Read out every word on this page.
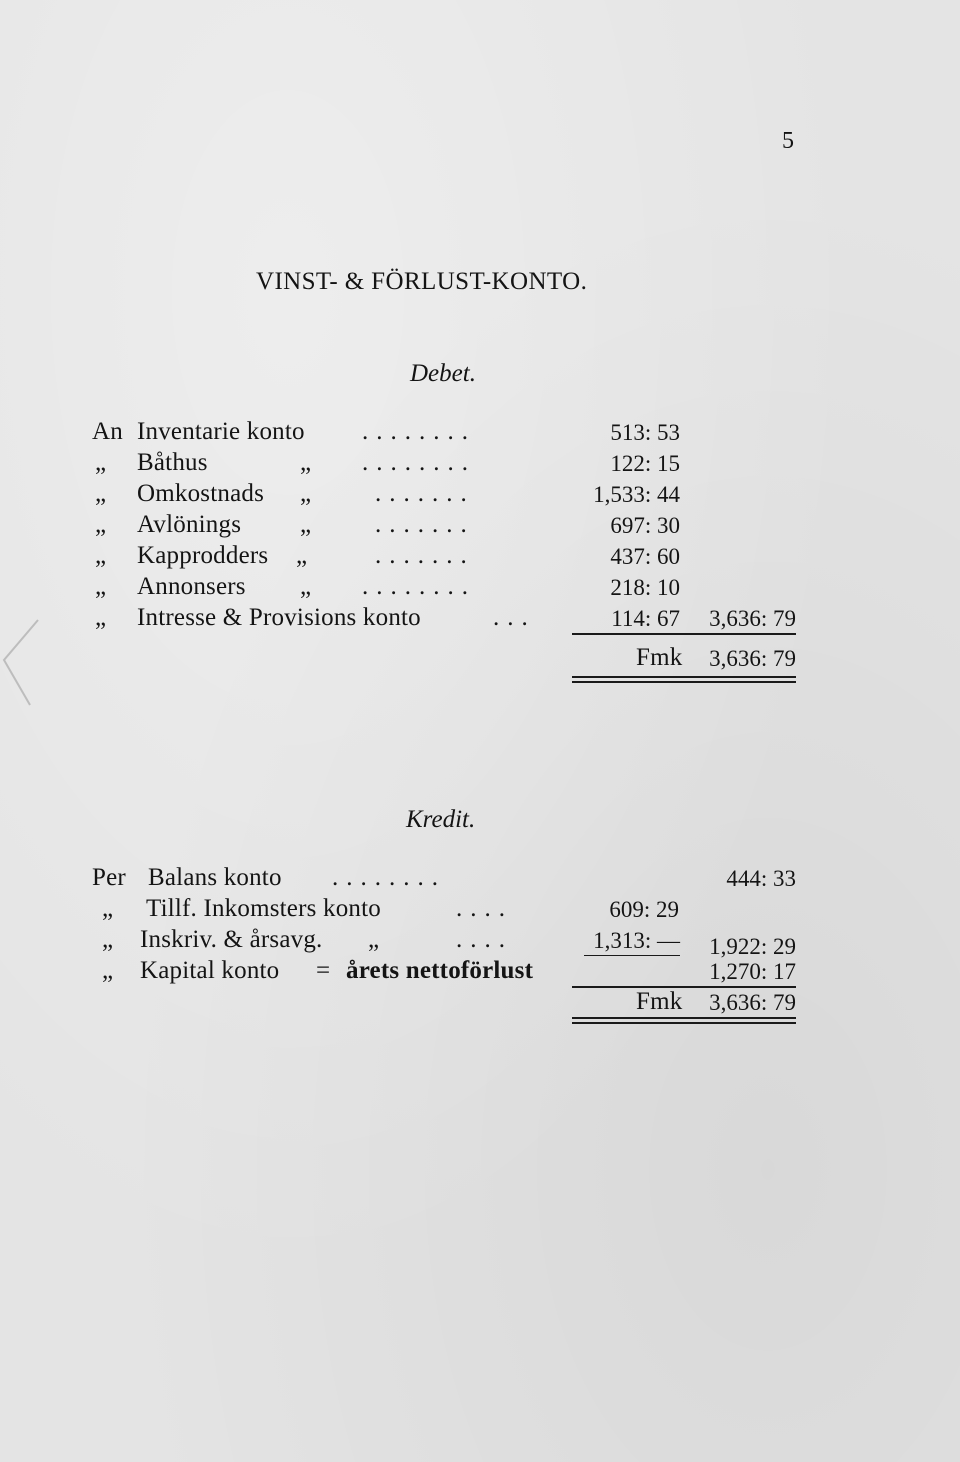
5
VINST- & FÖRLUST-KONTO.
Debet.
An Inventarie konto ........	513: 53
„ Båthus	„ ........	122: 15
„ Omkostnads „	.......	1,533: 44
„ Avlönings „	.......	697: 30
„ Kapprodders „	.......	437: 60
„ Annonsers „ ........	218: 10
„ Intresse & Provisions konto	...	114: 67 3,636: 79
Fmk 3,636: 79
Kredit.
Per Balans konto ........	444: 33
„ Tillf. Inkomsters konto	....	609: 29
„ Inskriv. & årsavg. „	....	1,313: — 1,922: 29
„ Kapital konto = årets nettoförlust	1,270: 17
Fmk 3,636: 79
